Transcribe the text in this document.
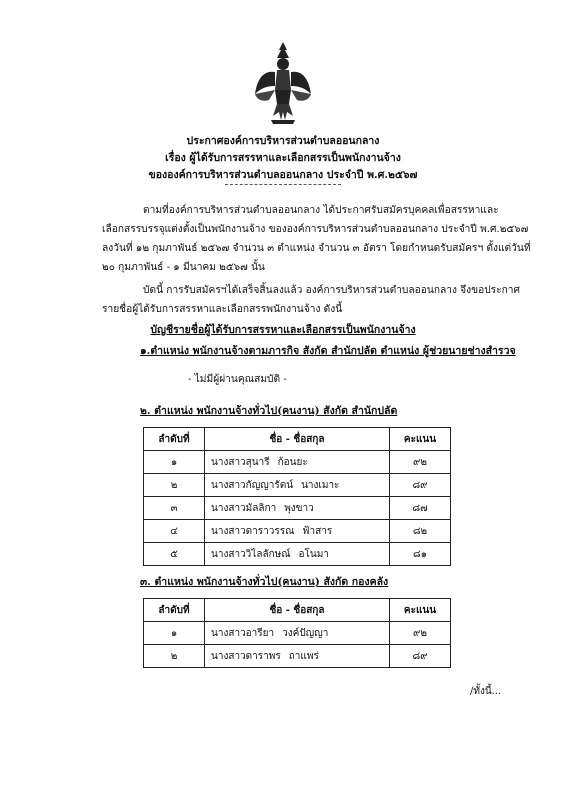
ประกาศองค์การบริหารส่วนตำบลออนกลาง
เรื่อง ผู้ได้รับการสรรหาและเลือกสรรเป็นพนักงานจ้าง
ขององค์การบริหารส่วนตำบลออนกลาง ประจำปี พ.ศ.๒๕๖๗
ตามที่องค์การบริหารส่วนตำบลออนกลาง ได้ประกาศรับสมัครบุคคลเพื่อสรรหาและ
เลือกสรรบรรจุแต่งตั้งเป็นพนักงานจ้าง ขององค์การบริหารส่วนตำบลออนกลาง ประจำปี พ.ศ.๒๕๖๗
ลงวันที่ ๑๒ กุมภาพันธ์ ๒๕๖๗ จำนวน ๓ ตำแหน่ง จำนวน ๓ อัตรา โดยกำหนดรับสมัครฯ ตั้งแต่วันที่
๒๐ กุมภาพันธ์ - ๑ มีนาคม ๒๕๖๗ นั้น
บัดนี้ การรับสมัครฯได้เสร็จสิ้นลงแล้ว องค์การบริหารส่วนตำบลออนกลาง จึงขอประกาศ
รายชื่อผู้ได้รับการสรรหาและเลือกสรรพนักงานจ้าง ดังนี้
บัญชีรายชื่อผู้ได้รับการสรรหาและเลือกสรรเป็นพนักงานจ้าง
๑.ตำแหน่ง พนักงานจ้างตามภารกิจ สังกัด สำนักปลัด ตำแหน่ง ผู้ช่วยนายช่างสำรวจ
- ไม่มีผู้ผ่านคุณสมบัติ -
๒. ตำแหน่ง พนักงานจ้างทั่วไป(คนงาน) สังกัด สำนักปลัด
ลำดับที่	ชื่อ - ชื่อสกุล	คะแนน
๑	นางสาวสุนารี ก้อนยะ	๙๒
๒	นางสาวกัญญารัตน์ นางเมาะ	๘๙
๓	นางสาวมัลลิกา พุงขาว	๘๗
๔	นางสาวดาราวรรณ ฟ้าสาร	๘๒
๕	นางสาววิไลลักษณ์ อโนมา	๘๑
๓. ตำแหน่ง พนักงานจ้างทั่วไป(คนงาน) สังกัด กองคลัง
ลำดับที่	ชื่อ - ชื่อสกุล	คะแนน
๑	นางสาวอารียา วงค์ปัญญา	๙๒
๒	นางสาวดาราพร ถาแพร่	๘๙
/ทั้งนี้...
